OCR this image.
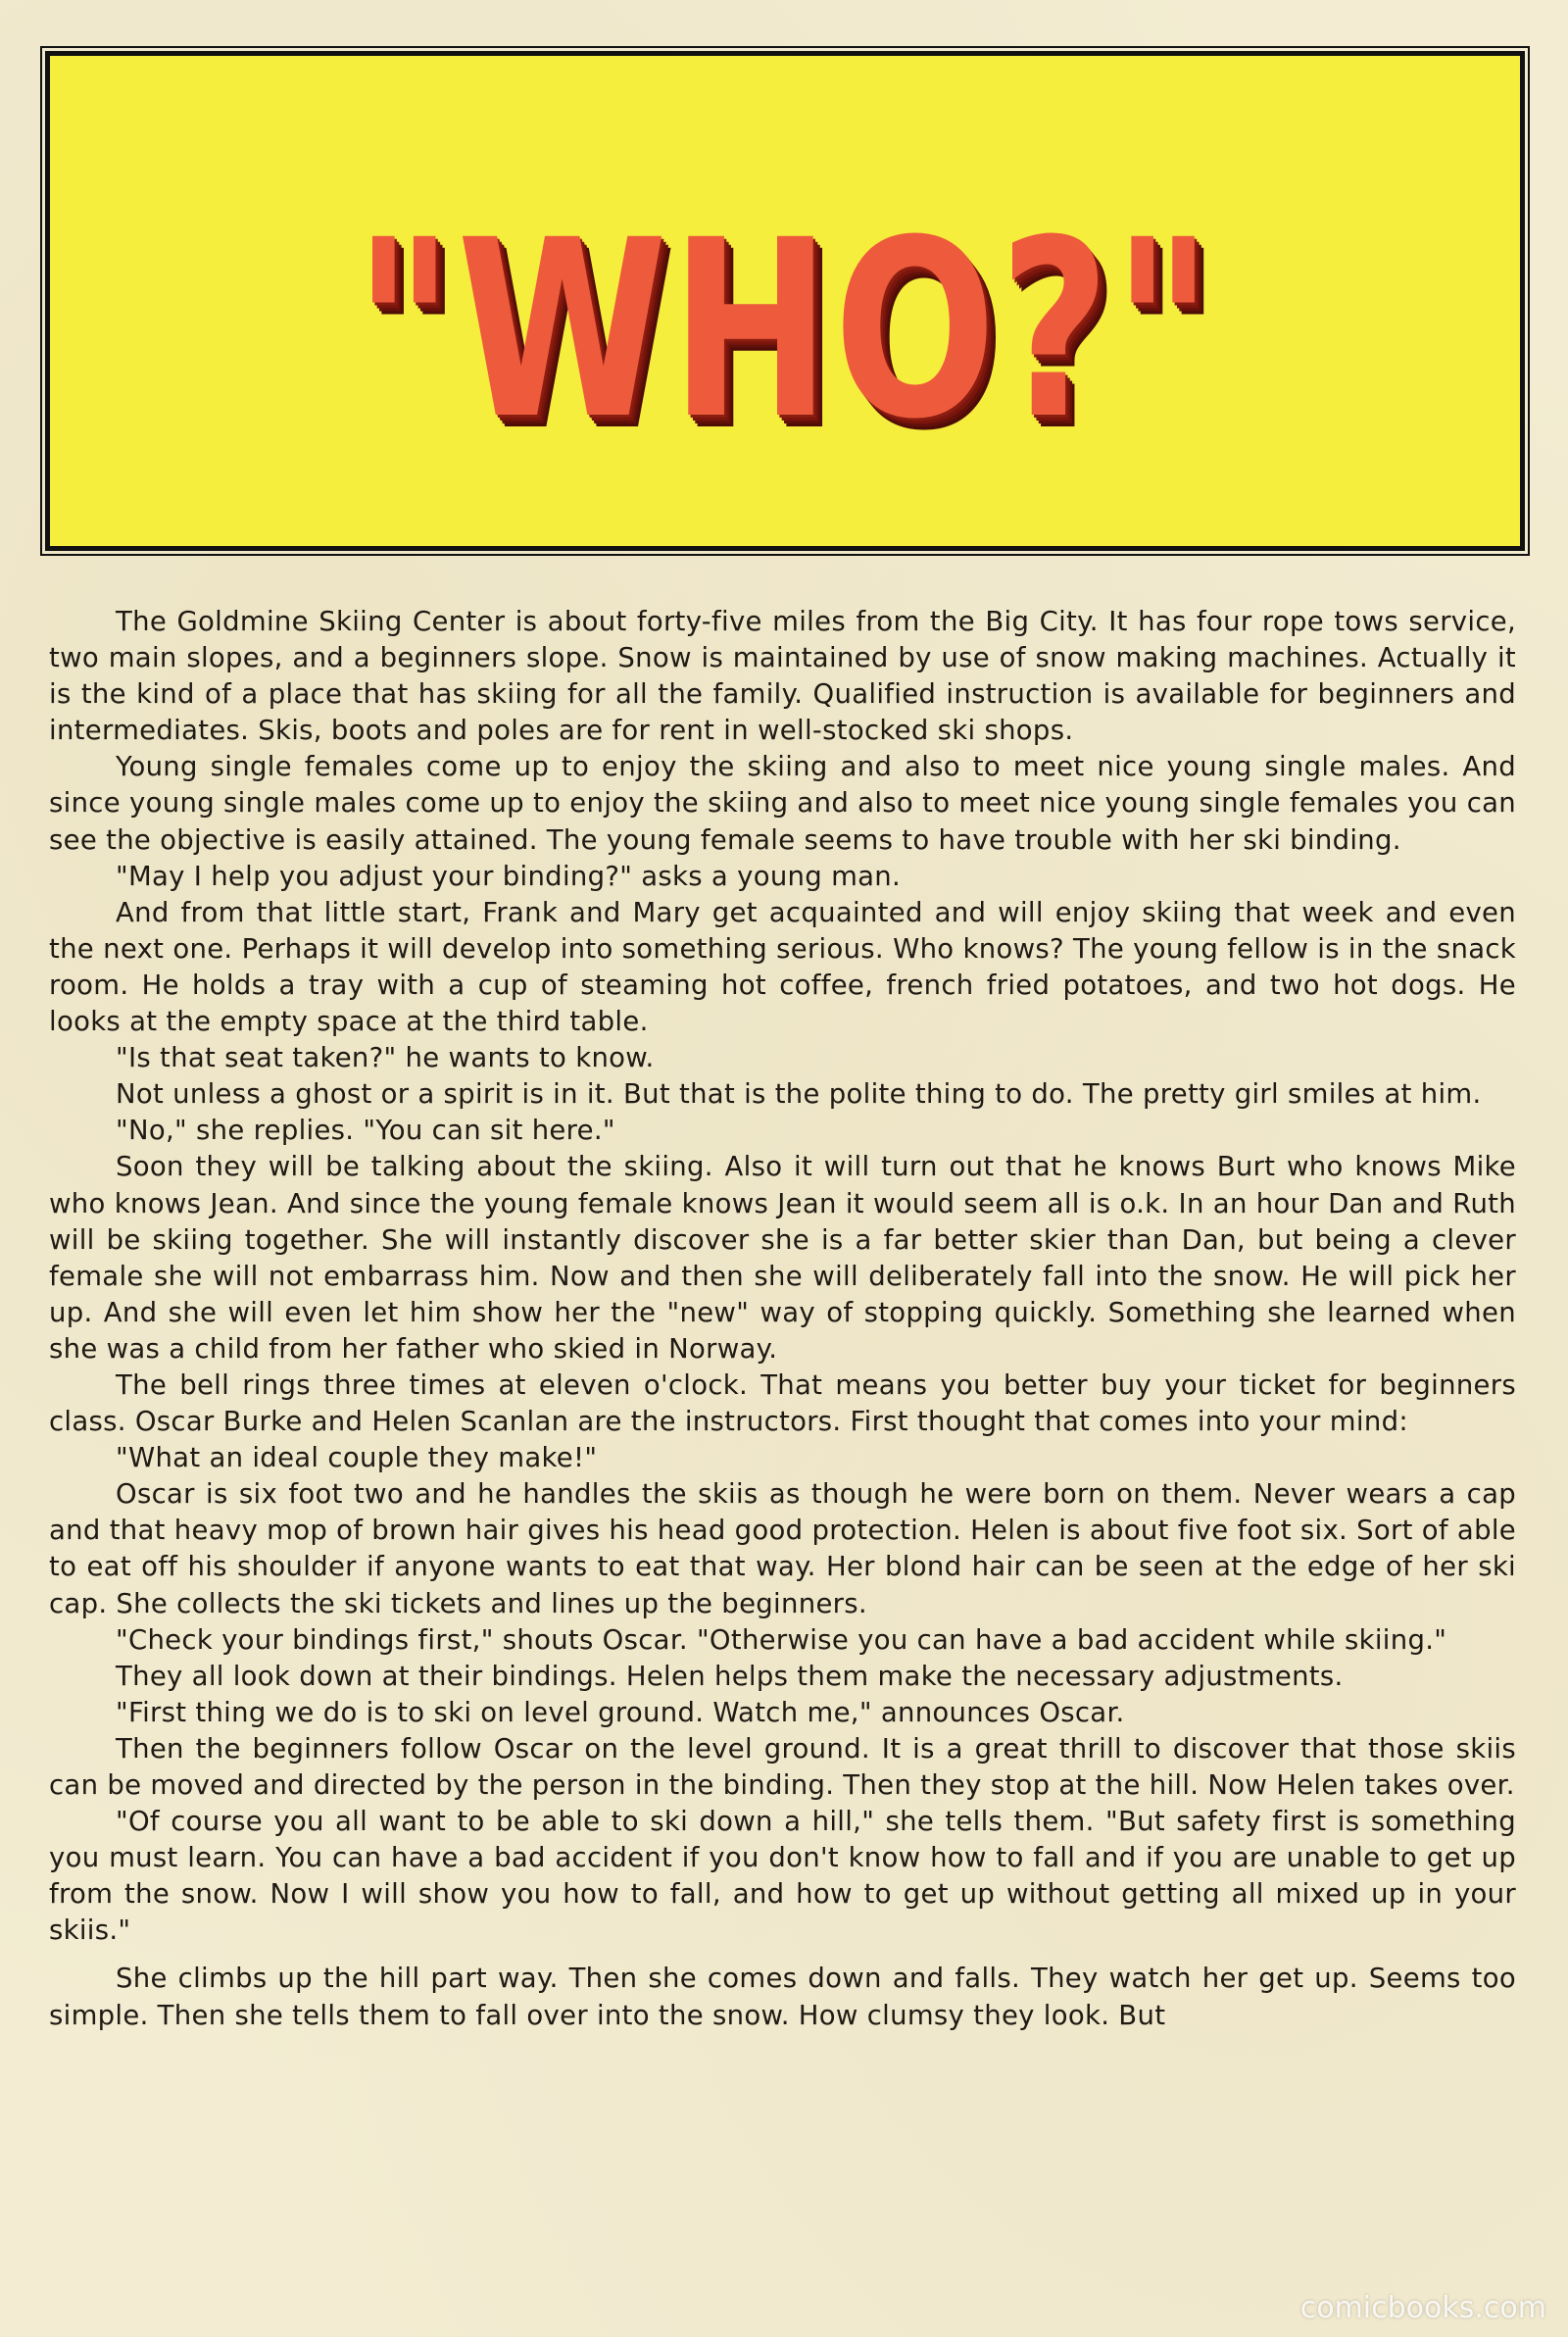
"WHO?"

The Goldmine Skiing Center is about forty-five miles from the Big City. It has four rope tows service, two main slopes, and a beginners slope. Snow is maintained by use of snow making machines. Actually it is the kind of a place that has skiing for all the family. Qualified instruction is available for beginners and intermediates. Skis, boots and poles are for rent in well-stocked ski shops.

Young single females come up to enjoy the skiing and also to meet nice young single males. And since young single males come up to enjoy the skiing and also to meet nice young single females you can see the objective is easily attained. The young female seems to have trouble with her ski binding.

"May I help you adjust your binding?" asks a young man.

And from that little start, Frank and Mary get acquainted and will enjoy skiing that week and even the next one. Perhaps it will develop into something serious. Who knows? The young fellow is in the snack room. He holds a tray with a cup of steaming hot coffee, french fried potatoes, and two hot dogs. He looks at the empty space at the third table.

"Is that seat taken?" he wants to know.

Not unless a ghost or a spirit is in it. But that is the polite thing to do. The pretty girl smiles at him.

"No," she replies. "You can sit here."

Soon they will be talking about the skiing. Also it will turn out that he knows Burt who knows Mike who knows Jean. And since the young female knows Jean it would seem all is o.k. In an hour Dan and Ruth will be skiing together. She will instantly discover she is a far better skier than Dan, but being a clever female she will not embarrass him. Now and then she will deliberately fall into the snow. He will pick her up. And she will even let him show her the "new" way of stopping quickly. Something she learned when she was a child from her father who skied in Norway.

The bell rings three times at eleven o'clock. That means you better buy your ticket for beginners class. Oscar Burke and Helen Scanlan are the instructors. First thought that comes into your mind:

"What an ideal couple they make!"

Oscar is six foot two and he handles the skiis as though he were born on them. Never wears a cap and that heavy mop of brown hair gives his head good protection. Helen is about five foot six. Sort of able to eat off his shoulder if anyone wants to eat that way. Her blond hair can be seen at the edge of her ski cap. She collects the ski tickets and lines up the beginners.

"Check your bindings first," shouts Oscar. "Otherwise you can have a bad accident while skiing."

They all look down at their bindings. Helen helps them make the necessary adjustments.

"First thing we do is to ski on level ground. Watch me," announces Oscar.

Then the beginners follow Oscar on the level ground. It is a great thrill to discover that those skiis can be moved and directed by the person in the binding. Then they stop at the hill. Now Helen takes over.

"Of course you all want to be able to ski down a hill," she tells them. "But safety first is something you must learn. You can have a bad accident if you don't know how to fall and if you are unable to get up from the snow. Now I will show you how to fall, and how to get up without getting all mixed up in your skiis."

She climbs up the hill part way. Then she comes down and falls. They watch her get up. Seems too simple. Then she tells them to fall over into the snow. How clumsy they look. But

comicbooks.com
